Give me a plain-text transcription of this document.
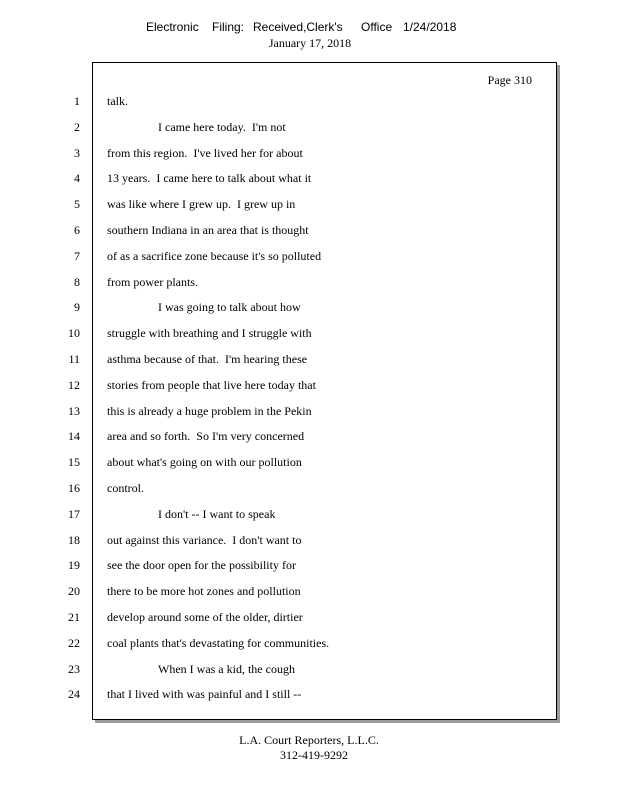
Electronic Filing: Received,Clerk's Office 1/24/2018
January 17, 2018
Page 310
1
2
3
4
5
6
7
8
9
10
11
12
13
14
15
16
17
18
19
20
21
22
23
24
talk.
I came here today.  I'm not
from this region.  I've lived her for about
13 years.  I came here to talk about what it
was like where I grew up.  I grew up in
southern Indiana in an area that is thought
of as a sacrifice zone because it's so polluted
from power plants.
I was going to talk about how
struggle with breathing and I struggle with
asthma because of that.  I'm hearing these
stories from people that live here today that
this is already a huge problem in the Pekin
area and so forth.  So I'm very concerned
about what's going on with our pollution
control.
I don't -- I want to speak
out against this variance.  I don't want to
see the door open for the possibility for
there to be more hot zones and pollution
develop around some of the older, dirtier
coal plants that's devastating for communities.
When I was a kid, the cough
that I lived with was painful and I still --
L.A. Court Reporters, L.L.C.
312-419-9292
